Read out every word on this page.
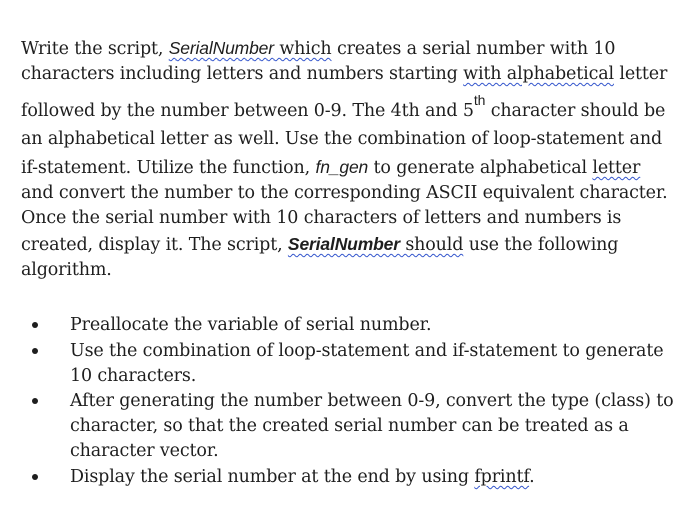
Write the script, SerialNumber which creates a serial number with 10
characters including letters and numbers starting with alphabetical letter
followed by the number between 0-9. The 4th and 5th character should be
an alphabetical letter as well. Use the combination of loop-statement and
if-statement. Utilize the function, fn_gen to generate alphabetical letter
and convert the number to the corresponding ASCII equivalent character.
Once the serial number with 10 characters of letters and numbers is
created, display it. The script, SerialNumber should use the following
algorithm.
Preallocate the variable of serial number.
Use the combination of loop-statement and if-statement to generate
10 characters.
After generating the number between 0-9, convert the type (class) to
character, so that the created serial number can be treated as a
character vector.
Display the serial number at the end by using fprintf.
